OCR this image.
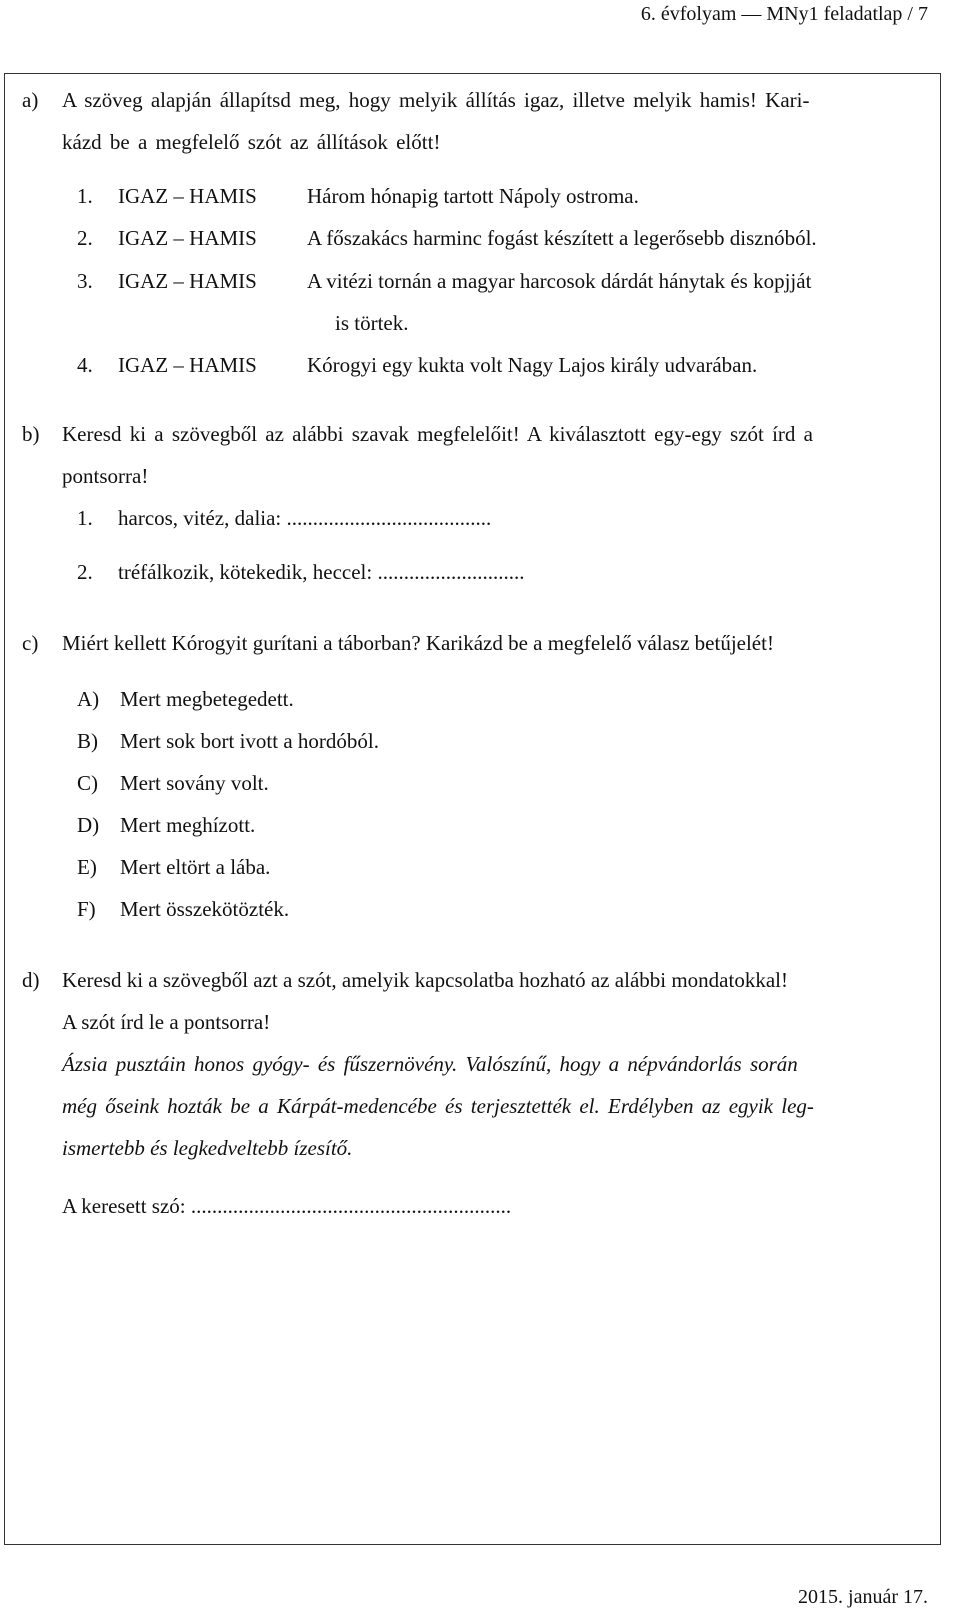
6. évfolyam — MNy1 feladatlap / 7
a) A szöveg alapján állapítsd meg, hogy melyik állítás igaz, illetve melyik hamis! Kari-
kázd be a megfelelő szót az állítások előtt!
1. IGAZ – HAMIS Három hónapig tartott Nápoly ostroma.
2. IGAZ – HAMIS A főszakács harminc fogást készített a legerősebb disznóból.
3. IGAZ – HAMIS A vitézi tornán a magyar harcosok dárdát hánytak és kopjját
is törtek.
4. IGAZ – HAMIS Kórogyi egy kukta volt Nagy Lajos király udvarában.
b) Keresd ki a szövegből az alábbi szavak megfelelőit! A kiválasztott egy-egy szót írd a
pontsorra!
1. harcos, vitéz, dalia: .......................................
2. tréfálkozik, kötekedik, heccel: ............................
c) Miért kellett Kórogyit gurítani a táborban? Karikázd be a megfelelő válasz betűjelét!
A) Mert megbetegedett.
B) Mert sok bort ivott a hordóból.
C) Mert sovány volt.
D) Mert meghízott.
E) Mert eltört a lába.
F) Mert összekötözték.
d) Keresd ki a szövegből azt a szót, amelyik kapcsolatba hozható az alábbi mondatokkal!
A szót írd le a pontsorra!
Ázsia pusztáin honos gyógy- és fűszernövény. Valószínű, hogy a népvándorlás során
még őseink hozták be a Kárpát-medencébe és terjesztették el. Erdélyben az egyik leg-
ismertebb és legkedveltebb ízesítő.
A keresett szó: .............................................................
2015. január 17.
